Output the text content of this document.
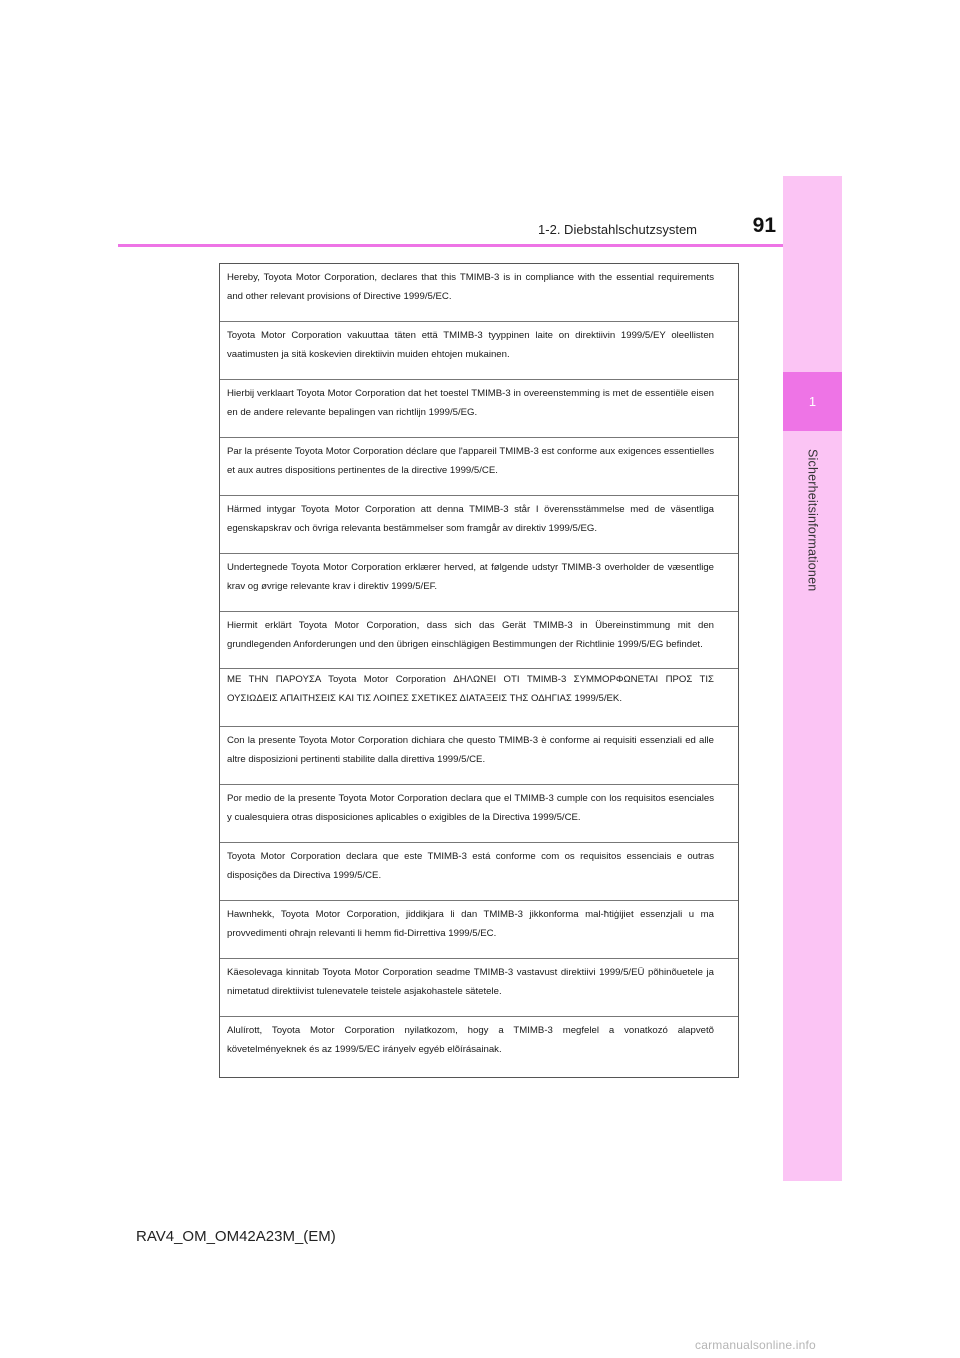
1
Sicherheitsinformationen
1-2. Diebstahlschutzsystem	91
Hereby, Toyota Motor Corporation, declares that this TMIMB-3 is in compliance with the essential requirements and other relevant provisions of Directive 1999/5/EC.
Toyota Motor Corporation vakuuttaa täten että TMIMB-3 tyyppinen laite on direktiivin 1999/5/EY oleellisten vaatimusten ja sitä koskevien direktiivin muiden ehtojen mukainen.
Hierbij verklaart Toyota Motor Corporation dat het toestel TMIMB-3 in overeenstemming is met de essentiële eisen en de andere relevante bepalingen van richtlijn 1999/5/EG.
Par la présente Toyota Motor Corporation déclare que l'appareil TMIMB-3 est conforme aux exigences essentielles et aux autres dispositions pertinentes de la directive 1999/5/CE.
Härmed intygar Toyota Motor Corporation att denna TMIMB-3 står I överensstämmelse med de väsentliga egenskapskrav och övriga relevanta bestämmelser som framgår av direktiv 1999/5/EG.
Undertegnede Toyota Motor Corporation erklærer herved, at følgende udstyr TMIMB-3 overholder de væsentlige krav og øvrige relevante krav i direktiv 1999/5/EF.
Hiermit erklärt Toyota Motor Corporation, dass sich das Gerät TMIMB-3 in Übereinstimmung mit den grundlegenden Anforderungen und den übrigen einschlägigen Bestimmungen der Richtlinie 1999/5/EG befindet.
ΜΕ ΤΗΝ ΠΑΡΟΥΣΑ Toyota Motor Corporation ΔΗΛΩΝΕΙ ΟΤΙ TMIMB-3 ΣΥΜΜΟΡΦΩΝΕΤΑΙ ΠΡΟΣ ΤΙΣ ΟΥΣΙΩΔΕΙΣ ΑΠΑΙΤΗΣΕΙΣ ΚΑΙ ΤΙΣ ΛΟΙΠΕΣ ΣΧΕΤΙΚΕΣ ΔΙΑΤΑΞΕΙΣ ΤΗΣ ΟΔΗΓΙΑΣ 1999/5/ΕΚ.
Con la presente Toyota Motor Corporation dichiara che questo TMIMB-3 è conforme ai requisiti essenziali ed alle altre disposizioni pertinenti stabilite dalla direttiva 1999/5/CE.
Por medio de la presente Toyota Motor Corporation declara que el TMIMB-3 cumple con los requisitos esenciales y cualesquiera otras disposiciones aplicables o exigibles de la Directiva 1999/5/CE.
Toyota Motor Corporation declara que este TMIMB-3 está conforme com os requisitos essenciais e outras disposições da Directiva 1999/5/CE.
Hawnhekk, Toyota Motor Corporation, jiddikjara li dan TMIMB-3 jikkonforma mal-ħtiġijiet essenzjali u ma provvedimenti oħrajn relevanti li hemm fid-Dirrettiva 1999/5/EC.
Käesolevaga kinnitab Toyota Motor Corporation seadme TMIMB-3 vastavust direktiivi 1999/5/EÜ põhinõuetele ja nimetatud direktiivist tulenevatele teistele asjakohastele sätetele.
Alulírott, Toyota Motor Corporation nyilatkozom, hogy a TMIMB-3 megfelel a vonatkozó alapvetõ követelményeknek és az 1999/5/EC irányelv egyéb elõírásainak.
RAV4_OM_OM42A23M_(EM)
carmanualsonline.info
